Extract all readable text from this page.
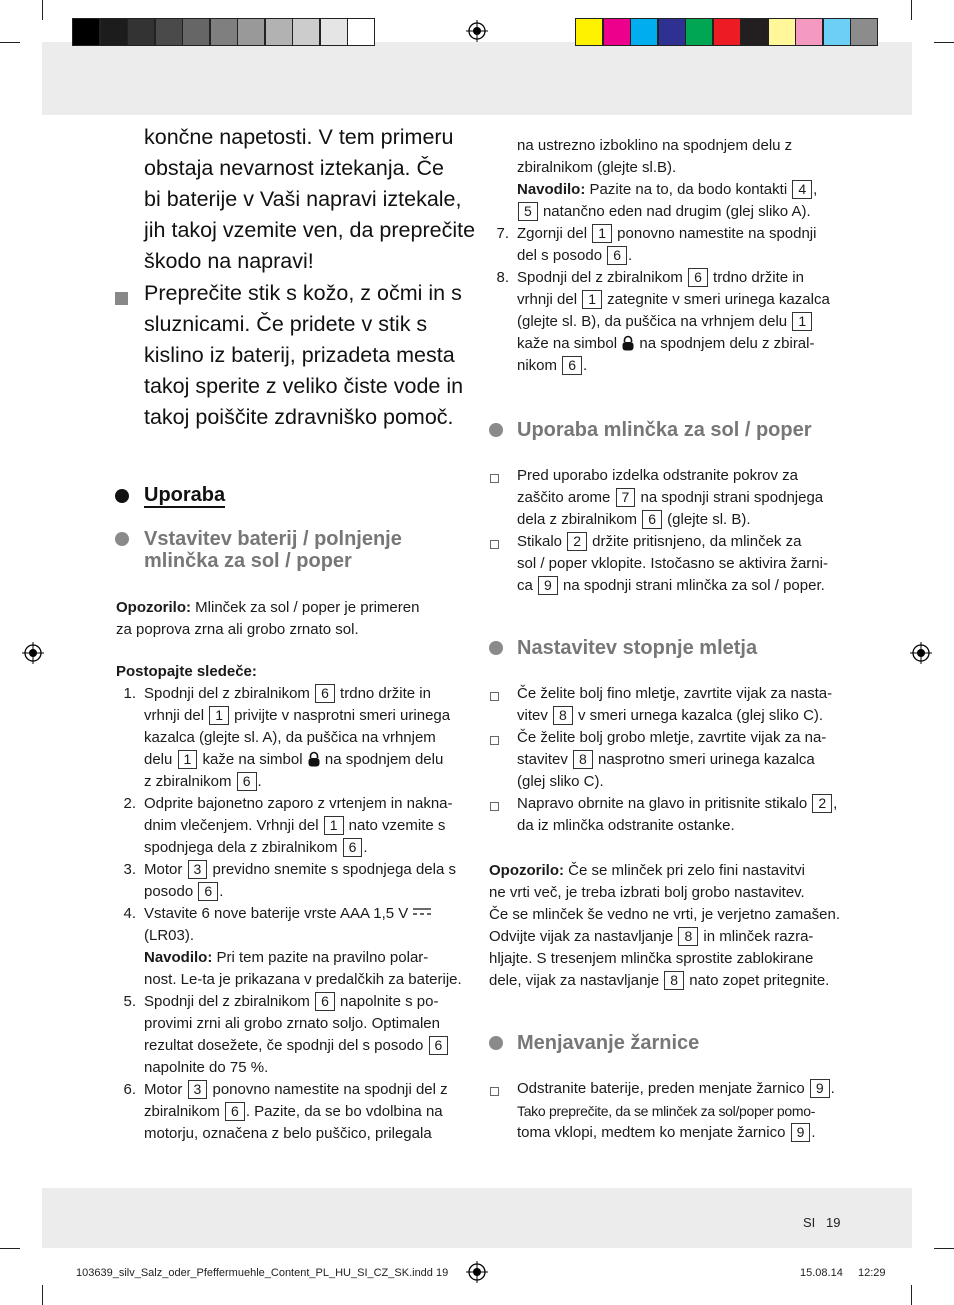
končne napetosti. V tem primeru

obstaja nevarnost iztekanja. Če

bi baterije v Vaši napravi iztekale,

jih takoj vzemite ven, da preprečite

škodo na napravi!

Preprečite stik s kožo, z očmi in s

sluznicami. Če pridete v stik s

kislino iz baterij, prizadeta mesta

takoj sperite z veliko čiste vode in

takoj poiščite zdravniško pomoč.

Uporaba
Vstavitev baterij / polnjenje
mlinčka za sol / poper

Opozorilo: Mlinček za sol / poper je primeren

za poprova zrna ali grobo zrnato sol.

Postopajte sledeče:

1. Spodnji del z zbiralnikom 6 trdno držite in

vrhnji del 1 privijte v nasprotni smeri urinega

kazalca (glejte sl. A), da puščica na vrhnjem

delu 1 kaže na simbol  na spodnjem delu

z zbiralnikom 6 .

2. Odprite bajonetno zaporo z vrtenjem in nakna-

dnim vlečenjem. Vrhnji del 1 nato vzemite s

spodnjega dela z zbiralnikom 6 .

3. Motor 3 previdno snemite s spodnjega dela s

posodo 6 .

4. Vstavite 6 nove baterije vrste AAA 1,5 V

(LR03).

Navodilo: Pri tem pazite na pravilno polar-

nost. Le-ta je prikazana v predalčkih za baterije.

5. Spodnji del z zbiralnikom 6 napolnite s po-

provimi zrni ali grobo zrnato soljo. Optimalen

rezultat dosežete, če spodnji del s posodo 6

napolnite do 75 %.

6. Motor 3 ponovno namestite na spodnji del z

zbiralnikom 6 . Pazite, da se bo vdolbina na

motorju, označena z belo puščico, prilegala

na ustrezno izboklino na spodnjem delu z

zbiralnikom (glejte sl.B).

Navodilo: Pazite na to, da bodo kontakti 4 ,

5 natančno eden nad drugim (glej sliko A).

7. Zgornji del 1 ponovno namestite na spodnji

del s posodo 6 .

8. Spodnji del z zbiralnikom 6 trdno držite in

vrhnji del 1 zategnite v smeri urinega kazalca

(glejte sl. B), da puščica na vrhnjem delu 1

kaže na simbol  na spodnjem delu z zbiral-

nikom 6 .

Uporaba mlinčka za sol / poper

Pred uporabo izdelka odstranite pokrov za

zaščito arome 7 na spodnji strani spodnjega

dela z zbiralnikom 6 (glejte sl. B).

Stikalo 2 držite pritisnjeno, da mlinček za

sol / poper vklopite. Istočasno se aktivira žarni-

ca 9 na spodnji strani mlinčka za sol / poper.

Nastavitev stopnje mletja

Če želite bolj fino mletje, zavrtite vijak za nasta-

vitev 8 v smeri urnega kazalca (glej sliko C).

Če želite bolj grobo mletje, zavrtite vijak za na-

stavitev 8 nasprotno smeri urinega kazalca

(glej sliko C).

Napravo obrnite na glavo in pritisnite stikalo 2 ,

da iz mlinčka odstranite ostanke.

Opozorilo: Če se mlinček pri zelo fini nastavitvi

ne vrti več, je treba izbrati bolj grobo nastavitev.

Če se mlinček še vedno ne vrti, je verjetno zamašen.

Odvijte vijak za nastavljanje 8 in mlinček razra-

hljajte. S tresenjem mlinčka sprostite zablokirane

dele, vijak za nastavljanje 8 nato zopet pritegnite.

Menjavanje žarnice

Odstranite baterije, preden menjate žarnico 9 .

Tako preprečite, da se mlinček za sol/poper pomo-

toma vklopi, medtem ko menjate žarnico 9 .

SI 19
103639_silv_Salz_oder_Pfeffermuehle_Content_PL_HU_SI_CZ_SK.indd 19	15.08.14 12:29
